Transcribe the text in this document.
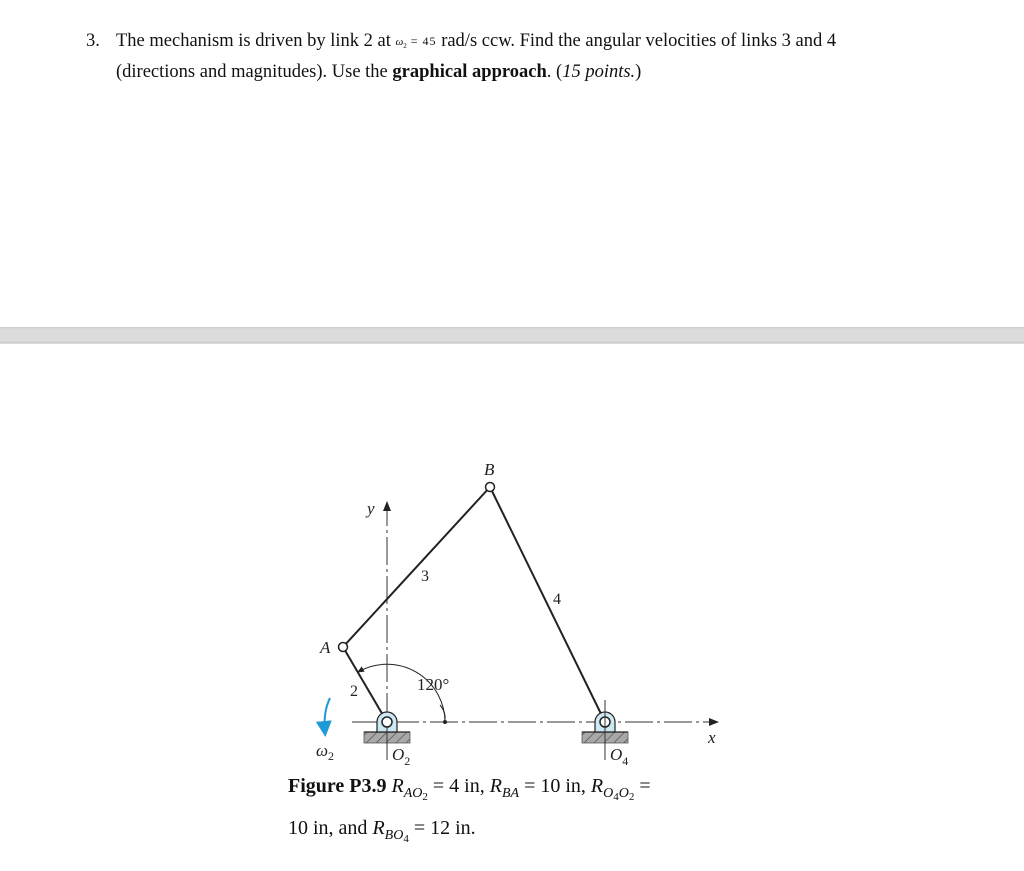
3. The mechanism is driven by link 2 at $\omega_2 = 45$ rad/s ccw. Find the angular velocities of links 3 and 4
(directions and magnitudes). Use the graphical approach. (15 points.)
B
A
y
x
3
4
2	120°
$\omega_2$	$O_2$	$O_4$
Figure P3.9 $R_{AO_2} = 4$ in, $R_{BA} = 10$ in, $R_{O_4O_2}$ =
10 in, and $R_{BO_4} = 12$ in.
